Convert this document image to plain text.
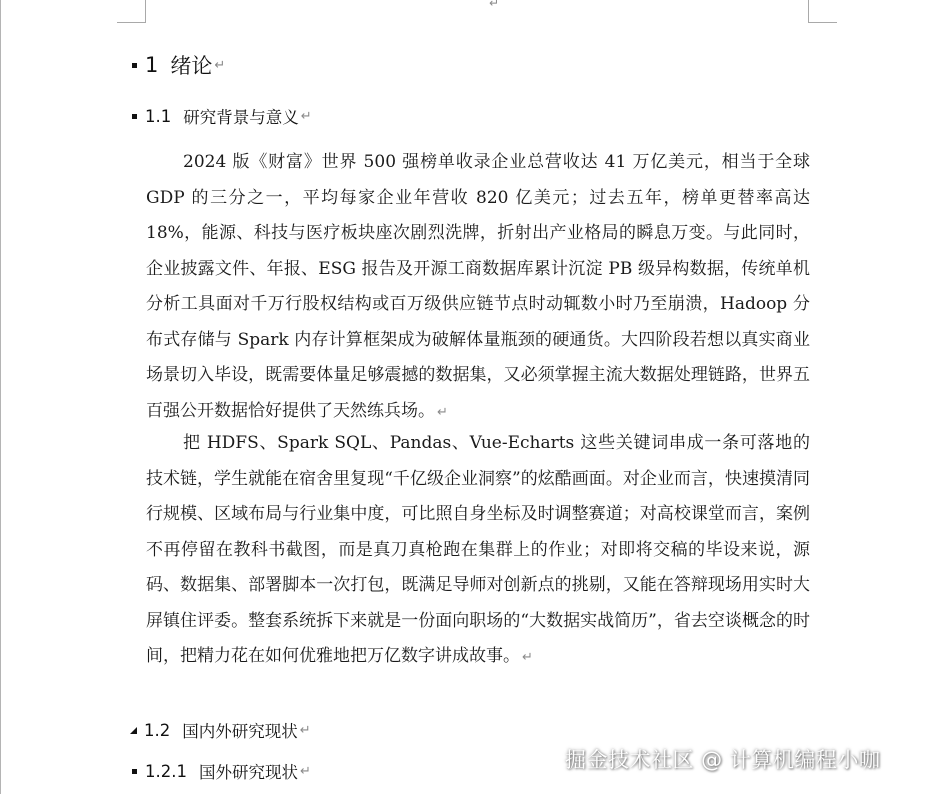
↵
1 绪论 ↵
1.1 研究背景与意义 ↵

2024 版《财富》世界 500 强榜单收录企业总营收达 41 万亿美元，相当于全球 GDP 的三分之一，平均每家企业年营收 820 亿美元；过去五年，榜单更替率高达 18%，能源、科技与医疗板块座次剧烈洗牌，折射出产业格局的瞬息万变。与此同时，企业披露文件、年报、ESG 报告及开源工商数据库累计沉淀 PB 级异构数据，传统单机分析工具面对千万行股权结构或百万级供应链节点时动辄数小时乃至崩溃，Hadoop 分布式存储与 Spark 内存计算框架成为破解体量瓶颈的硬通货。大四阶段若想以真实商业场景切入毕设，既需要体量足够震撼的数据集，又必须掌握主流大数据处理链路，世界五百强公开数据恰好提供了天然练兵场。 ↵

把 HDFS、Spark SQL、Pandas、Vue-Echarts 这些关键词串成一条可落地的技术链，学生就能在宿舍里复现“千亿级企业洞察”的炫酷画面。对企业而言，快速摸清同行规模、区域布局与行业集中度，可比照自身坐标及时调整赛道；对高校课堂而言，案例不再停留在教科书截图，而是真刀真枪跑在集群上的作业；对即将交稿的毕设来说，源码、数据集、部署脚本一次打包，既满足导师对创新点的挑剔，又能在答辩现场用实时大屏镇住评委。整套系统拆下来就是一份面向职场的“大数据实战简历”，省去空谈概念的时间，把精力花在如何优雅地把万亿数字讲成故事。 ↵

1.2 国内外研究现状 ↵
1.2.1 国外研究现状 ↵	掘金技术社区 @ 计算机编程小咖
